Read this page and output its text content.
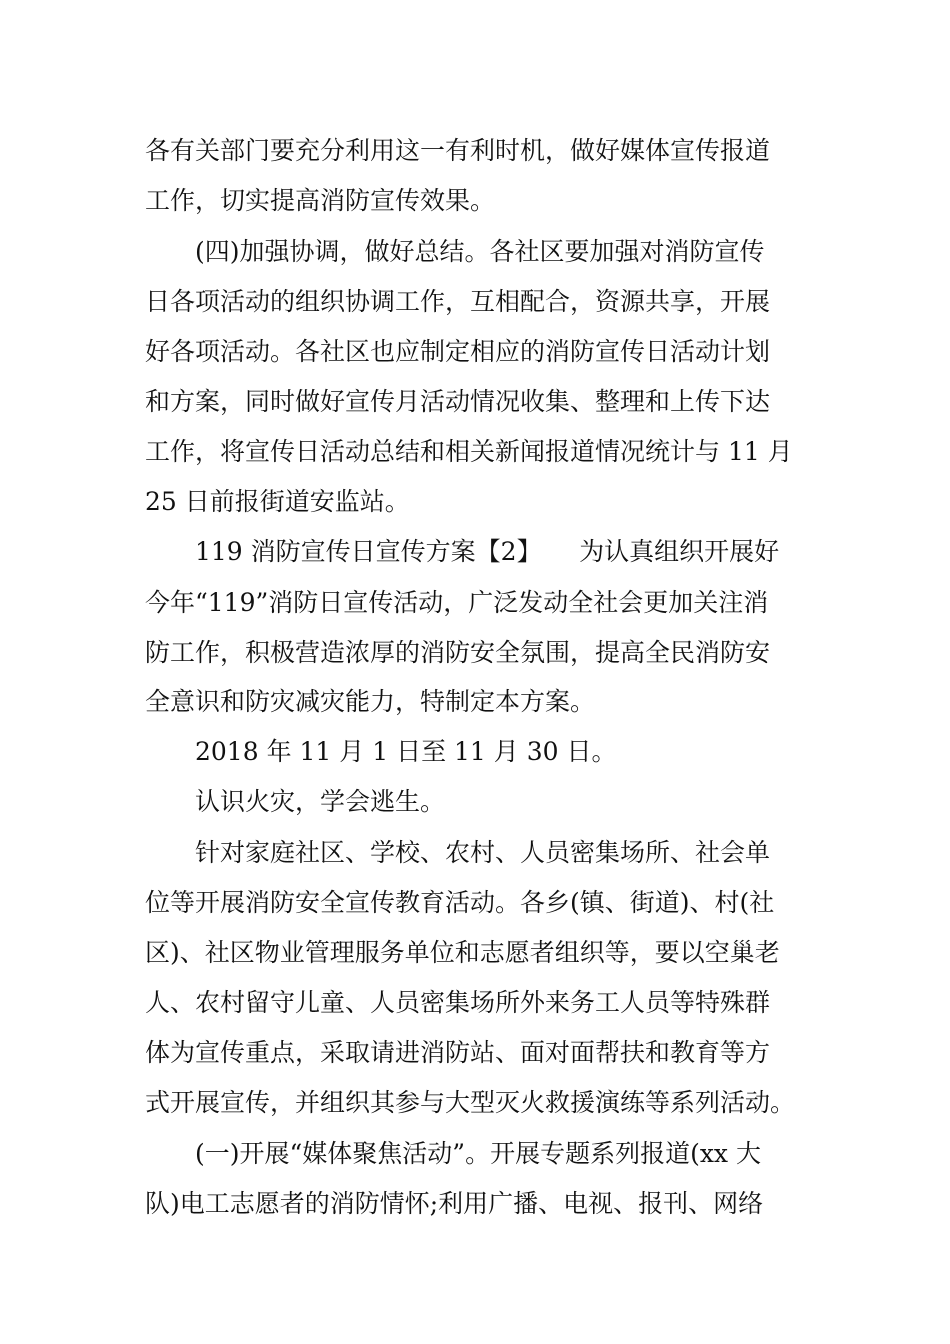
各有关部门要充分利用这一有利时机，做好媒体宣传报道
工作，切实提高消防宣传效果。
(四)加强协调，做好总结。各社区要加强对消防宣传
日各项活动的组织协调工作，互相配合，资源共享，开展
好各项活动。各社区也应制定相应的消防宣传日活动计划
和方案，同时做好宣传月活动情况收集、整理和上传下达
工作，将宣传日活动总结和相关新闻报道情况统计与 11 月
25 日前报街道安监站。
119 消防宣传日宣传方案【2】　　为认真组织开展好
今年“119”消防日宣传活动，广泛发动全社会更加关注消
防工作，积极营造浓厚的消防安全氛围，提高全民消防安
全意识和防灾减灾能力，特制定本方案。
2018 年 11 月 1 日至 11 月 30 日。
认识火灾，学会逃生。
针对家庭社区、学校、农村、人员密集场所、社会单
位等开展消防安全宣传教育活动。各乡(镇、街道)、村(社
区)、社区物业管理服务单位和志愿者组织等，要以空巢老
人、农村留守儿童、人员密集场所外来务工人员等特殊群
体为宣传重点，采取请进消防站、面对面帮扶和教育等方
式开展宣传，并组织其参与大型灭火救援演练等系列活动。
(一)开展“媒体聚焦活动”。开展专题系列报道(xx 大
队)电工志愿者的消防情怀;利用广播、电视、报刊、网络
